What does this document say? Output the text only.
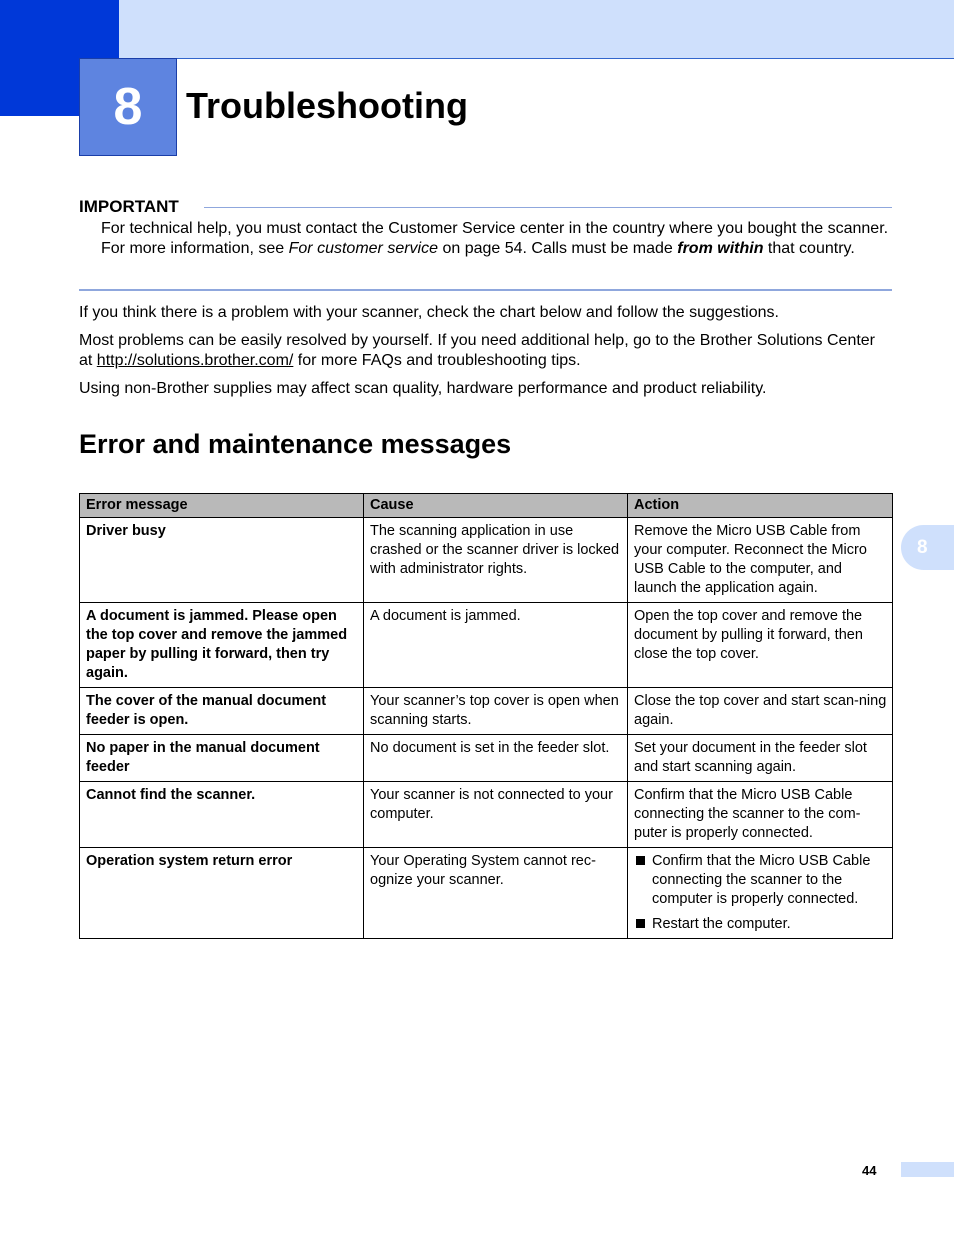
8	Troubleshooting
IMPORTANT

For technical help, you must contact the Customer Service center in the country where you bought the scanner. For more information, see For customer service on page 54. Calls must be made from within that country.

If you think there is a problem with your scanner, check the chart below and follow the suggestions.

Most problems can be easily resolved by yourself. If you need additional help, go to the Brother Solutions Center at http://solutions.brother.com/ for more FAQs and troubleshooting tips.

Using non-Brother supplies may affect scan quality, hardware performance and product reliability.

Error and maintenance messages
Error message	Cause	Action
Driver busy	The scanning application in use crashed or the scanner driver is locked with administrator rights.	Remove the Micro USB Cable from your computer. Reconnect the Micro USB Cable to the computer, and launch the application again.
A document is jammed. Please open the top cover and remove the jammed paper by pulling it forward, then try again.	A document is jammed.	Open the top cover and remove the document by pulling it forward, then close the top cover.
The cover of the manual document feeder is open.	Your scanner’s top cover is open when scanning starts.	Close the top cover and start scan-ning again.
No paper in the manual document feeder	No document is set in the feeder slot.	Set your document in the feeder slot and start scanning again.
Cannot find the scanner.	Your scanner is not connected to your computer.	Confirm that the Micro USB Cable connecting the scanner to the com-puter is properly connected.
Operation system return error	Your Operating System cannot rec-ognize your scanner.	Confirm that the Micro USB Cable connecting the scanner to the computer is properly connected.
Restart the computer.
8
44
